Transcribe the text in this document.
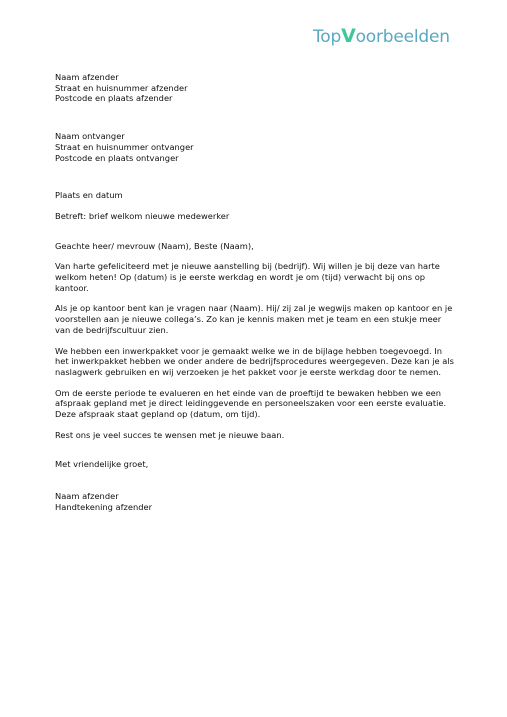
TopVoorbeelden
Naam afzender
Straat en huisnummer afzender
Postcode en plaats afzender
Naam ontvanger
Straat en huisnummer ontvanger
Postcode en plaats ontvanger
Plaats en datum
Betreft: brief welkom nieuwe medewerker
Geachte heer/ mevrouw (Naam), Beste (Naam),
Van harte gefeliciteerd met je nieuwe aanstelling bij (bedrijf). Wij willen je bij deze van harte welkom heten! Op (datum) is je eerste werkdag en wordt je om (tijd) verwacht bij ons op kantoor.
Als je op kantoor bent kan je vragen naar (Naam). Hij/ zij zal je wegwijs maken op kantoor en je voorstellen aan je nieuwe collega’s. Zo kan je kennis maken met je team en een stukje meer van de bedrijfscultuur zien.
We hebben een inwerkpakket voor je gemaakt welke we in de bijlage hebben toegevoegd. In het inwerkpakket hebben we onder andere de bedrijfsprocedures weergegeven. Deze kan je als naslagwerk gebruiken en wij verzoeken je het pakket voor je eerste werkdag door te nemen.
Om de eerste periode te evalueren en het einde van de proeftijd te bewaken hebben we een afspraak gepland met je direct leidinggevende en personeelszaken voor een eerste evaluatie. Deze afspraak staat gepland op (datum, om tijd).
Rest ons je veel succes te wensen met je nieuwe baan.
Met vriendelijke groet,
Naam afzender
Handtekening afzender
